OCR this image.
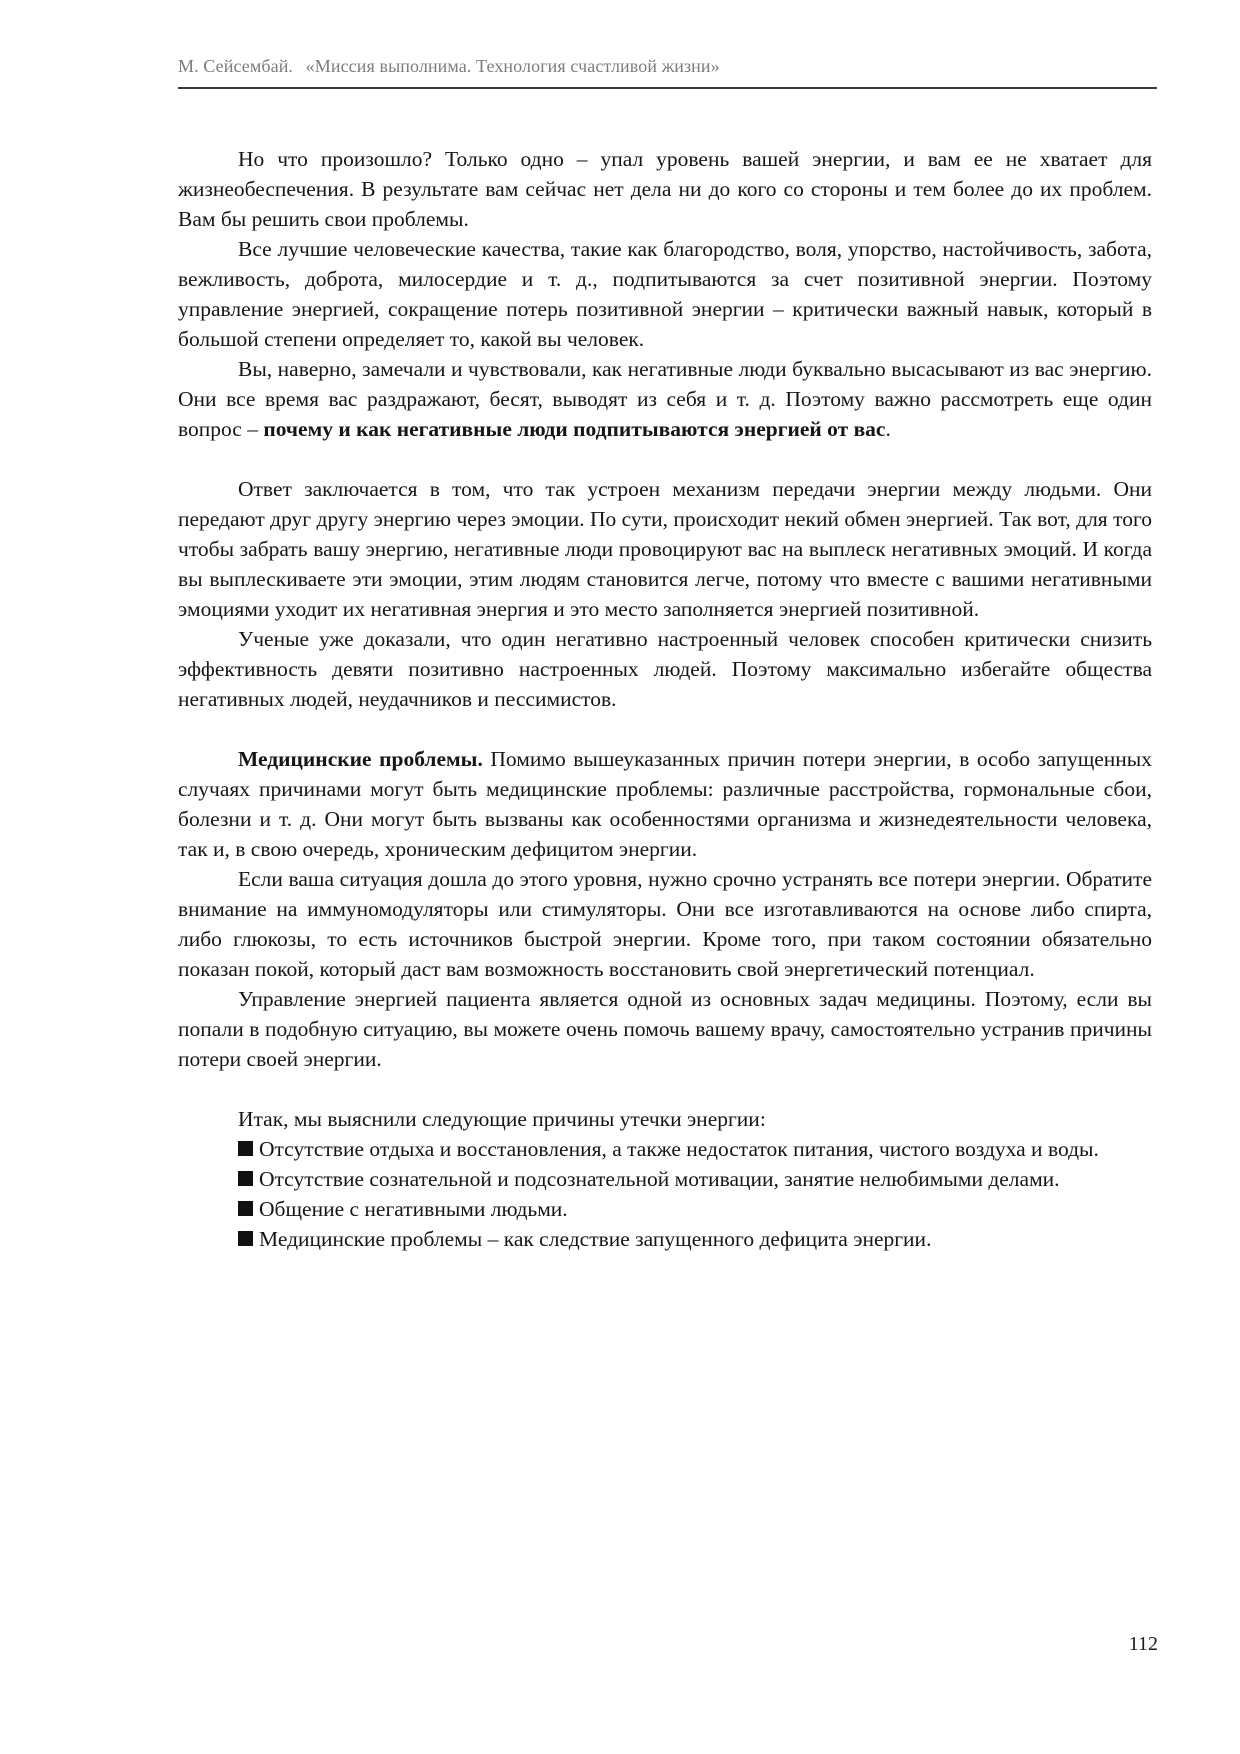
М. Сейсембай. «Миссия выполнима. Технология счастливой жизни»

Но что произошло? Только одно – упал уровень вашей энергии, и вам ее не хватает для жизнеобеспечения. В результате вам сейчас нет дела ни до кого со стороны и тем более до их проблем. Вам бы решить свои проблемы.

Все лучшие человеческие качества, такие как благородство, воля, упорство, настойчивость, забота, вежливость, доброта, милосердие и т. д., подпитываются за счет позитивной энергии. Поэтому управление энергией, сокращение потерь позитивной энергии – критически важный навык, который в большой степени определяет то, какой вы человек.

Вы, наверно, замечали и чувствовали, как негативные люди буквально высасывают из вас энергию. Они все время вас раздражают, бесят, выводят из себя и т. д. Поэтому важно рассмотреть еще один вопрос – почему и как негативные люди подпитываются энергией от вас.

Ответ заключается в том, что так устроен механизм передачи энергии между людьми. Они передают друг другу энергию через эмоции. По сути, происходит некий обмен энергией. Так вот, для того чтобы забрать вашу энергию, негативные люди провоцируют вас на выплеск негативных эмоций. И когда вы выплескиваете эти эмоции, этим людям становится легче, потому что вместе с вашими негативными эмоциями уходит их негативная энергия и это место заполняется энергией позитивной.

Ученые уже доказали, что один негативно настроенный человек способен критически снизить эффективность девяти позитивно настроенных людей. Поэтому максимально избегайте общества негативных людей, неудачников и пессимистов.

Медицинские проблемы. Помимо вышеуказанных причин потери энергии, в особо запущенных случаях причинами могут быть медицинские проблемы: различные расстройства, гормональные сбои, болезни и т. д. Они могут быть вызваны как особенностями организма и жизнедеятельности человека, так и, в свою очередь, хроническим дефицитом энергии.

Если ваша ситуация дошла до этого уровня, нужно срочно устранять все потери энергии. Обратите внимание на иммуномодуляторы или стимуляторы. Они все изготавливаются на основе либо спирта, либо глюкозы, то есть источников быстрой энергии. Кроме того, при таком состоянии обязательно показан покой, который даст вам возможность восстановить свой энергетический потенциал.

Управление энергией пациента является одной из основных задач медицины. Поэтому, если вы попали в подобную ситуацию, вы можете очень помочь вашему врачу, самостоятельно устранив причины потери своей энергии.

Итак, мы выяснили следующие причины утечки энергии:

Отсутствие отдыха и восстановления, а также недостаток питания, чистого воздуха и воды.

Отсутствие сознательной и подсознательной мотивации, занятие нелюбимыми делами.

Общение с негативными людьми.

Медицинские проблемы – как следствие запущенного дефицита энергии.

112
